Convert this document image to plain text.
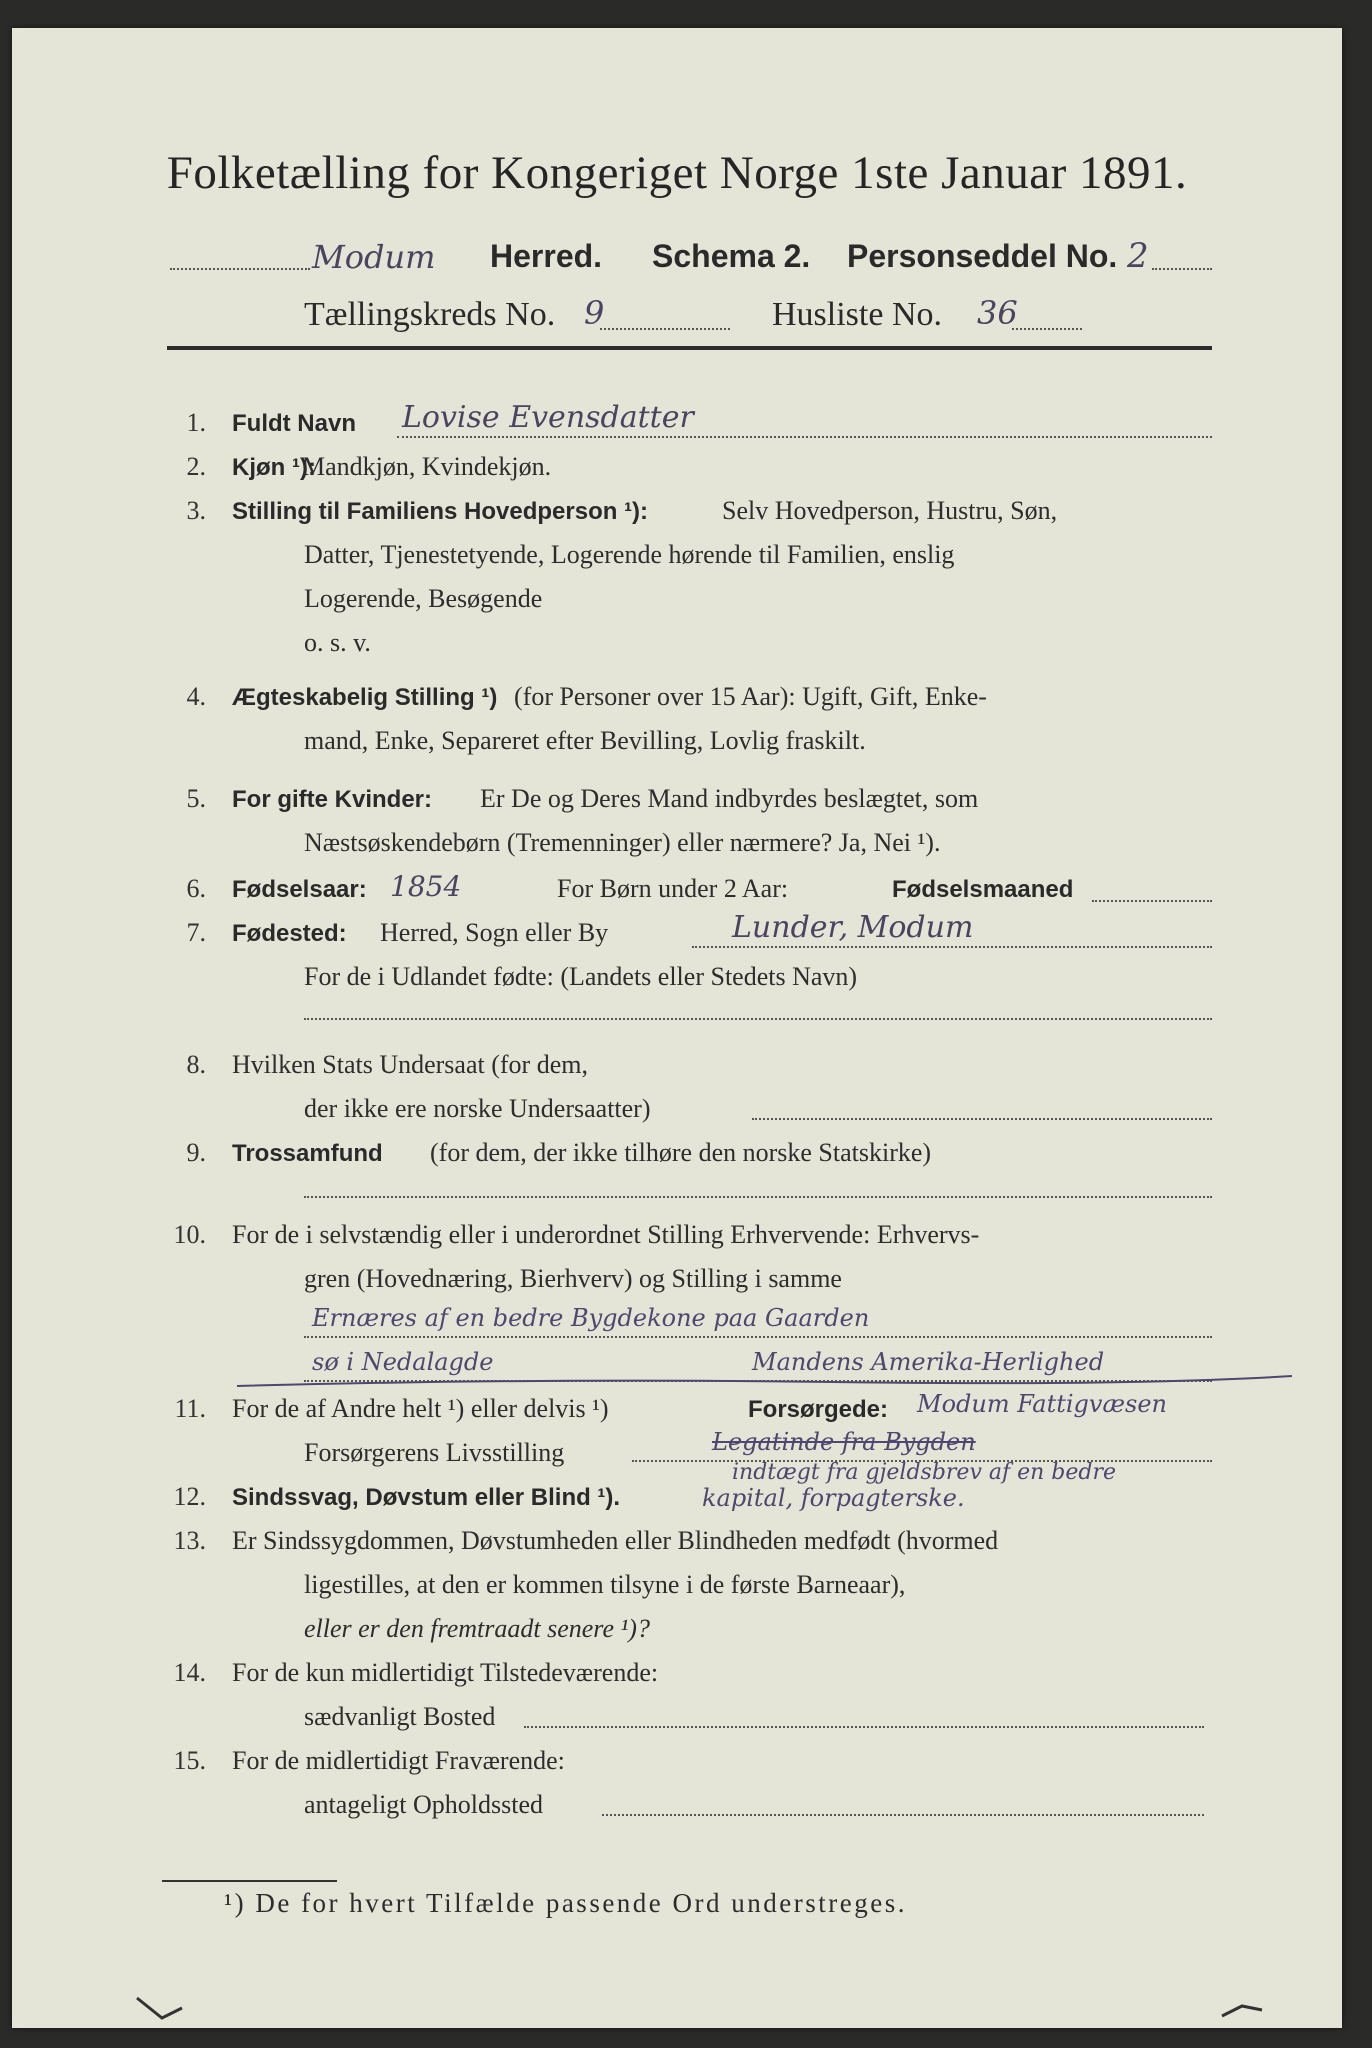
Folketælling for Kongeriget Norge 1ste Januar 1891.
Modum Herred. Schema 2. Personseddel No. 2
Tællingskreds No. 9	Husliste No. 36
1. Fuldt Navn Lovise Evensdatter
2. Kjøn ¹):
Mandkjøn, Kvindekjøn.
3. Stilling til Familiens Hovedperson ¹):	Selv Hovedperson, Hustru, Søn,
Datter, Tjenestetyende, Logerende hørende til Familien, enslig
Logerende, Besøgende
o. s. v.
4. Ægteskabelig Stilling ¹) (for Personer over 15 Aar): Ugift, Gift, Enke-
mand, Enke, Separeret efter Bevilling, Lovlig fraskilt.
5. For gifte Kvinder: Er De og Deres Mand indbyrdes beslægtet, som
Næstsøskendebørn (Tremenninger) eller nærmere? Ja, Nei ¹).
6. Fødselsaar: 1854	For Børn under 2 Aar:	Fødselsmaaned
7. Fødested: Herred, Sogn eller By	Lunder, Modum
For de i Udlandet fødte: (Landets eller Stedets Navn)
8. Hvilken Stats Undersaat (for dem,
der ikke ere norske Undersaatter)
9. Trossamfund (for dem, der ikke tilhøre den norske Statskirke)
10. For de i selvstændig eller i underordnet Stilling Erhvervende: Erhvervs-
gren (Hovednæring, Bierhverv) og Stilling i samme
Ernæres af en bedre Bygdekone paa Gaarden
sø i Nedalagde	Mandens Amerika-Herlighed
11. For de af Andre helt ¹) eller delvis ¹)	Forsørgede: Modum Fattigvæsen
Forsørgerens Livsstilling	Legatinde fra Bygden
indtægt fra gjeldsbrev af en bedre
12. Sindssvag, Døvstum eller Blind ¹).	kapital, forpagterske.
13. Er Sindssygdommen, Døvstumheden eller Blindheden medfødt (hvormed
ligestilles, at den er kommen tilsyne i de første Barneaar),
eller er den fremtraadt senere ¹)?
14. For de kun midlertidigt Tilstedeværende:
sædvanligt Bosted
15. For de midlertidigt Fraværende:
antageligt Opholdssted
¹) De for hvert Tilfælde passende Ord understreges.
